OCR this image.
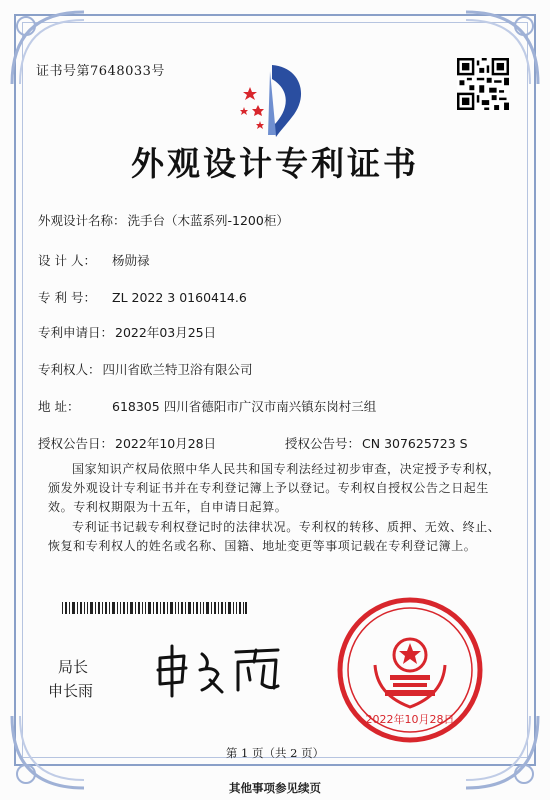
证书号第7648033号
外观设计专利证书
外观设计名称： 洗手台（木蓝系列-1200柜）
设 计 人： 杨勋禄
专 利 号： ZL 2022 3 0160414.6
专利申请日： 2022年03月25日
专利权人： 四川省欧兰特卫浴有限公司
地 址：	618305 四川省德阳市广汉市南兴镇东岗村三组
授权公告日： 2022年10月28日	授权公告号： CN 307625723 S
国家知识产权局依照中华人民共和国专利法经过初步审查，决定授予专利权，颁发外观设计专利证书并在专利登记簿上予以登记。专利权自授权公告之日起生效。专利权期限为十五年，自申请日起算。
专利证书记载专利权登记时的法律状况。专利权的转移、质押、无效、终止、恢复和专利权人的姓名或名称、国籍、地址变更等事项记载在专利登记簿上。
局长
申长雨
2022年10月28日
第 1 页（共 2 页）
其他事项参见续页
